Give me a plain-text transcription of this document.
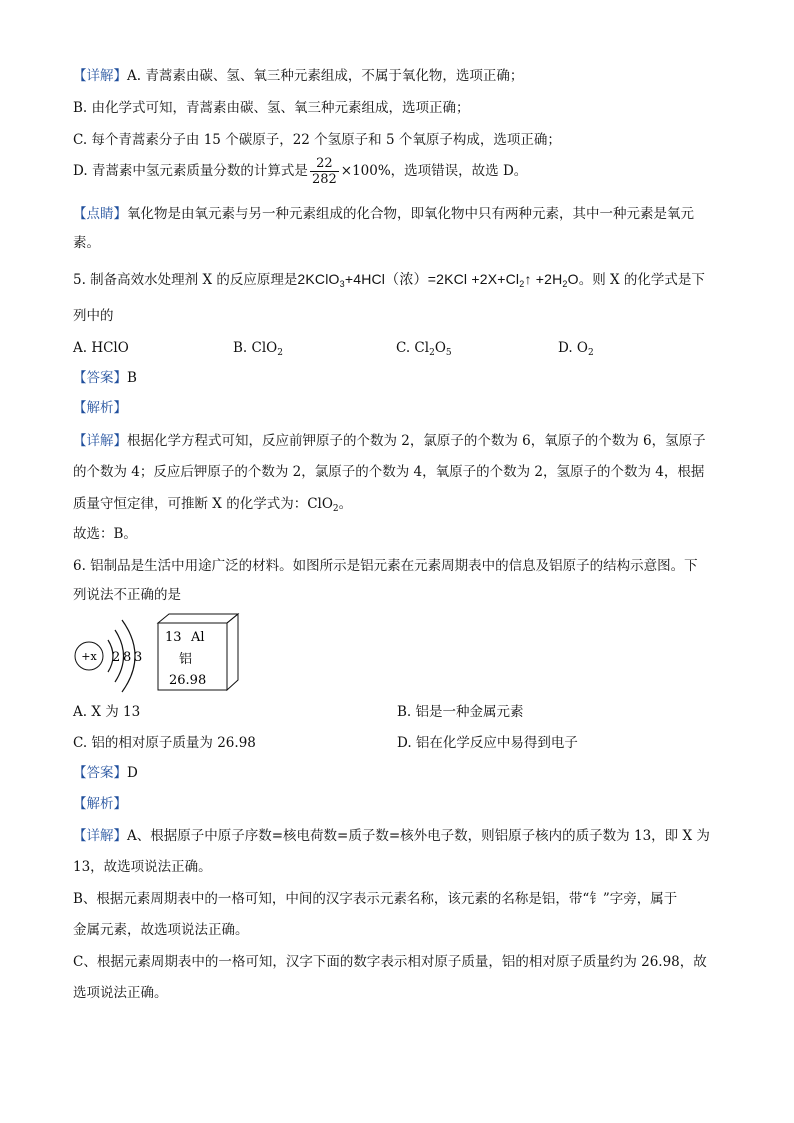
【详解】A. 青蒿素由碳、氢、氧三种元素组成，不属于氧化物，选项正确；
B. 由化学式可知，青蒿素由碳、氢、氧三种元素组成，选项正确；
C. 每个青蒿素分子由 15 个碳原子，22 个氢原子和 5 个氧原子构成，选项正确；
D. 青蒿素中氢元素质量分数的计算式是 $\frac{22}{282} \times 100\%$，选项错误，故选 D。
【点睛】氧化物是由氧元素与另一种元素组成的化合物，即氧化物中只有两种元素，其中一种元素是氧元
素。
5. 制备高效水处理剂 X 的反应原理是2KClO$_3$+4HCl（浓）$=2KCl +2X+Cl_2↑ +2H_2O$。则 X 的化学式是下
列中的
A. HClO	B. ClO$_2$	C. $Cl_2O_5$	D. $O_2$
【答案】B
【解析】
【详解】根据化学方程式可知，反应前钾原子的个数为 2，氯原子的个数为 6，氧原子的个数为 6，氢原子
的个数为 4；反应后钾原子的个数为 2，氯原子的个数为 4，氧原子的个数为 2，氢原子的个数为 4，根据
质量守恒定律，可推断 X 的化学式为：ClO$_2$。
故选：B。
6. 铝制品是生活中用途广泛的材料。如图所示是铝元素在元素周期表中的信息及铝原子的结构示意图。下
列说法不正确的是
+x 2 8 3
13 Al
铝
26.98
A. X 为 13	B. 铝是一种金属元素
C. 铝的相对原子质量为 26.98	D. 铝在化学反应中易得到电子
【答案】D
【解析】
【详解】A、根据原子中原子序数=核电荷数=质子数=核外电子数，则铝原子核内的质子数为 13，即 X 为
13，故选项说法正确。
B、根据元素周期表中的一格可知，中间的汉字表示元素名称，该元素的名称是铝，带“钅”字旁，属于
金属元素，故选项说法正确。
C、根据元素周期表中的一格可知，汉字下面的数字表示相对原子质量，铝的相对原子质量约为 26.98，故
选项说法正确。
